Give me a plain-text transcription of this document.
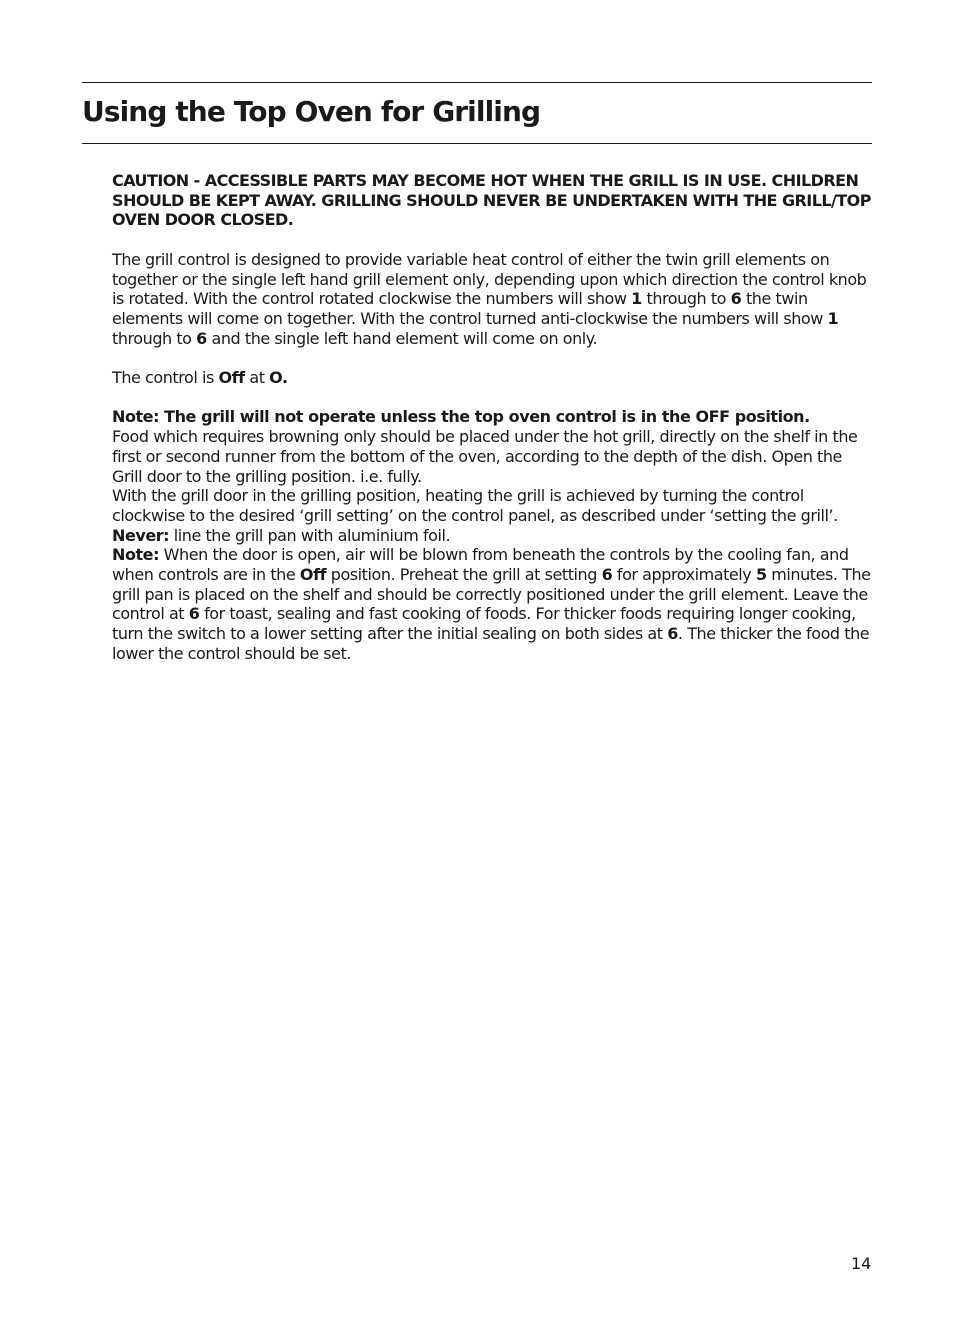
Using the Top Oven for Grilling

CAUTION - ACCESSIBLE PARTS MAY BECOME HOT WHEN THE GRILL IS IN USE. CHILDREN SHOULD BE KEPT AWAY. GRILLING SHOULD NEVER BE UNDERTAKEN WITH THE GRILL/TOP OVEN DOOR CLOSED.

The grill control is designed to provide variable heat control of either the twin grill elements on together or the single left hand grill element only, depending upon which direction the control knob is rotated. With the control rotated clockwise the numbers will show 1 through to 6 the twin elements will come on together. With the control turned anti-clockwise the numbers will show 1 through to 6 and the single left hand element will come on only.

The control is Off at O.

Note: The grill will not operate unless the top oven control is in the OFF position.

Food which requires browning only should be placed under the hot grill, directly on the shelf in the first or second runner from the bottom of the oven, according to the depth of the dish. Open the Grill door to the grilling position. i.e. fully.

With the grill door in the grilling position, heating the grill is achieved by turning the control clockwise to the desired ‘grill setting’ on the control panel, as described under ‘setting the grill’.

Never: line the grill pan with aluminium foil.

Note: When the door is open, air will be blown from beneath the controls by the cooling fan, and when controls are in the Off position. Preheat the grill at setting 6 for approximately 5 minutes. The grill pan is placed on the shelf and should be correctly positioned under the grill element. Leave the control at 6 for toast, sealing and fast cooking of foods. For thicker foods requiring longer cooking, turn the switch to a lower setting after the initial sealing on both sides at 6. The thicker the food the lower the control should be set.

14
